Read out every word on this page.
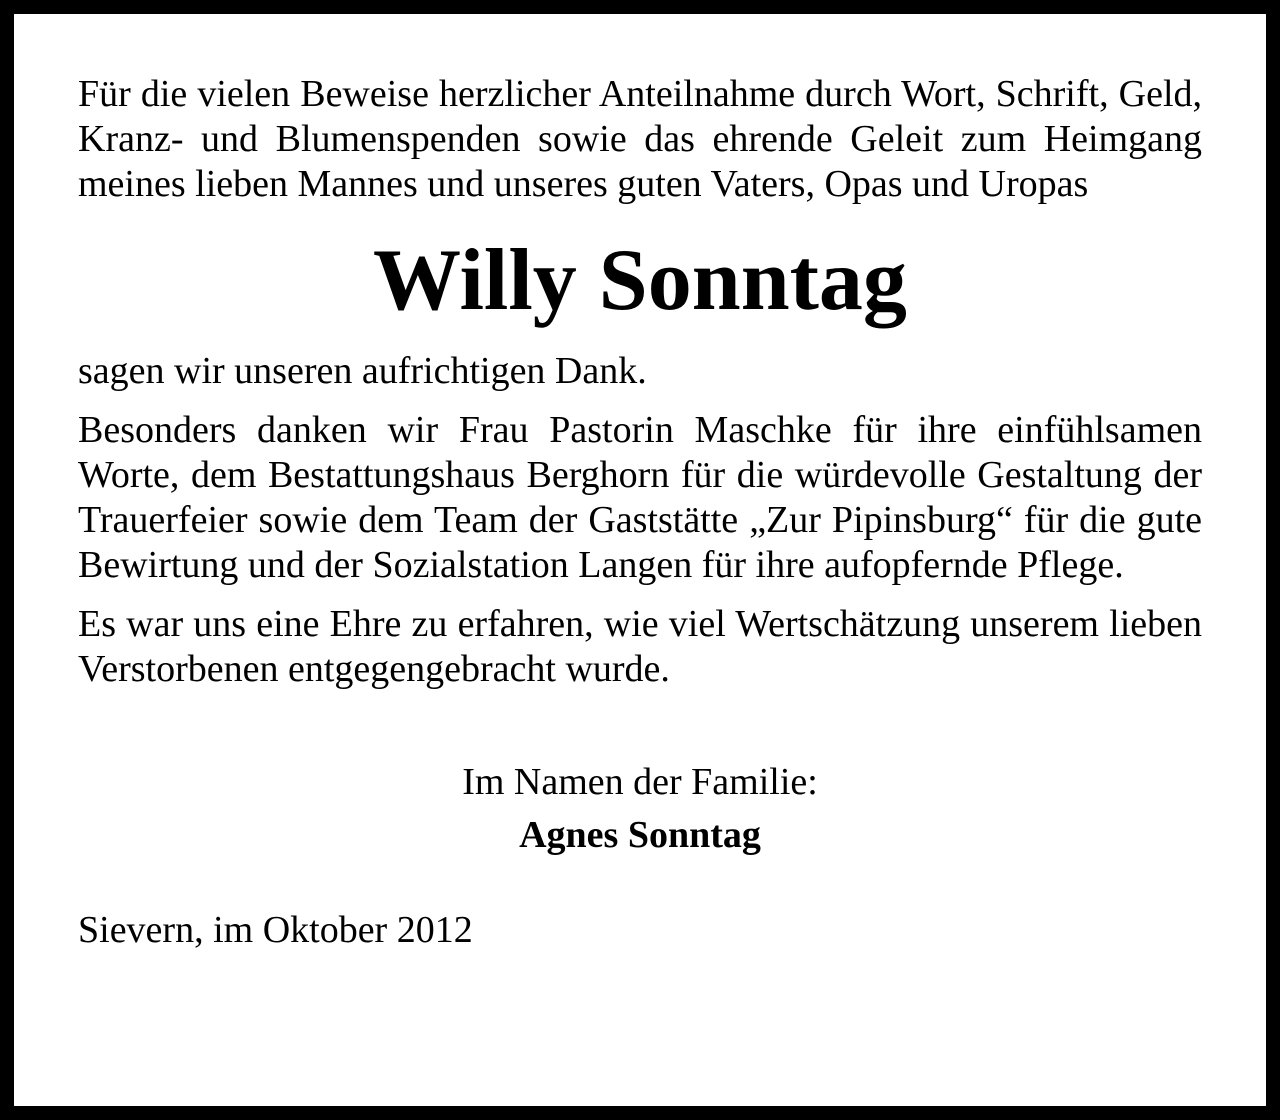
Für die vielen Beweise herzlicher Anteilnahme durch Wort, Schrift, Geld, Kranz- und Blumenspenden sowie das ehrende Geleit zum Heimgang meines lieben Mannes und unseres guten Vaters, Opas und Uropas

Willy Sonntag

sagen wir unseren aufrichtigen Dank.

Besonders danken wir Frau Pastorin Maschke für ihre einfühlsamen Worte, dem Bestattungshaus Berghorn für die würdevolle Gestaltung der Trauerfeier sowie dem Team der Gaststätte „Zur Pipinsburg“ für die gute Bewirtung und der Sozialstation Langen für ihre aufopfernde Pflege.

Es war uns eine Ehre zu erfahren, wie viel Wertschätzung unserem lieben Verstorbenen entgegengebracht wurde.

Im Namen der Familie:

Agnes Sonntag

Sievern, im Oktober 2012
